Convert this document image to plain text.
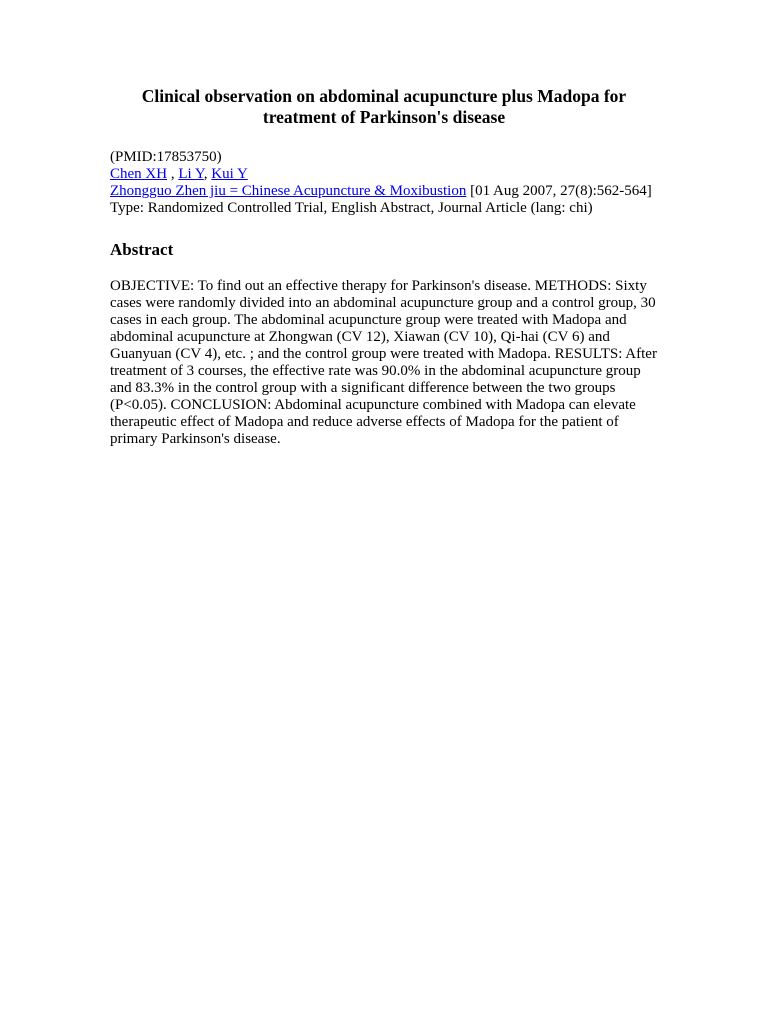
Clinical observation on abdominal acupuncture plus Madopa for treatment of Parkinson's disease
(PMID:17853750)
Chen XH , Li Y, Kui Y
Zhongguo Zhen jiu = Chinese Acupuncture & Moxibustion [01 Aug 2007, 27(8):562-564]
Type: Randomized Controlled Trial, English Abstract, Journal Article (lang: chi)
Abstract

OBJECTIVE: To find out an effective therapy for Parkinson's disease. METHODS: Sixty cases were randomly divided into an abdominal acupuncture group and a control group, 30 cases in each group. The abdominal acupuncture group were treated with Madopa and abdominal acupuncture at Zhongwan (CV 12), Xiawan (CV 10), Qi-hai (CV 6) and Guanyuan (CV 4), etc. ; and the control group were treated with Madopa. RESULTS: After treatment of 3 courses, the effective rate was 90.0% in the abdominal acupuncture group and 83.3% in the control group with a significant difference between the two groups (P<0.05). CONCLUSION: Abdominal acupuncture combined with Madopa can elevate therapeutic effect of Madopa and reduce adverse effects of Madopa for the patient of primary Parkinson's disease.
